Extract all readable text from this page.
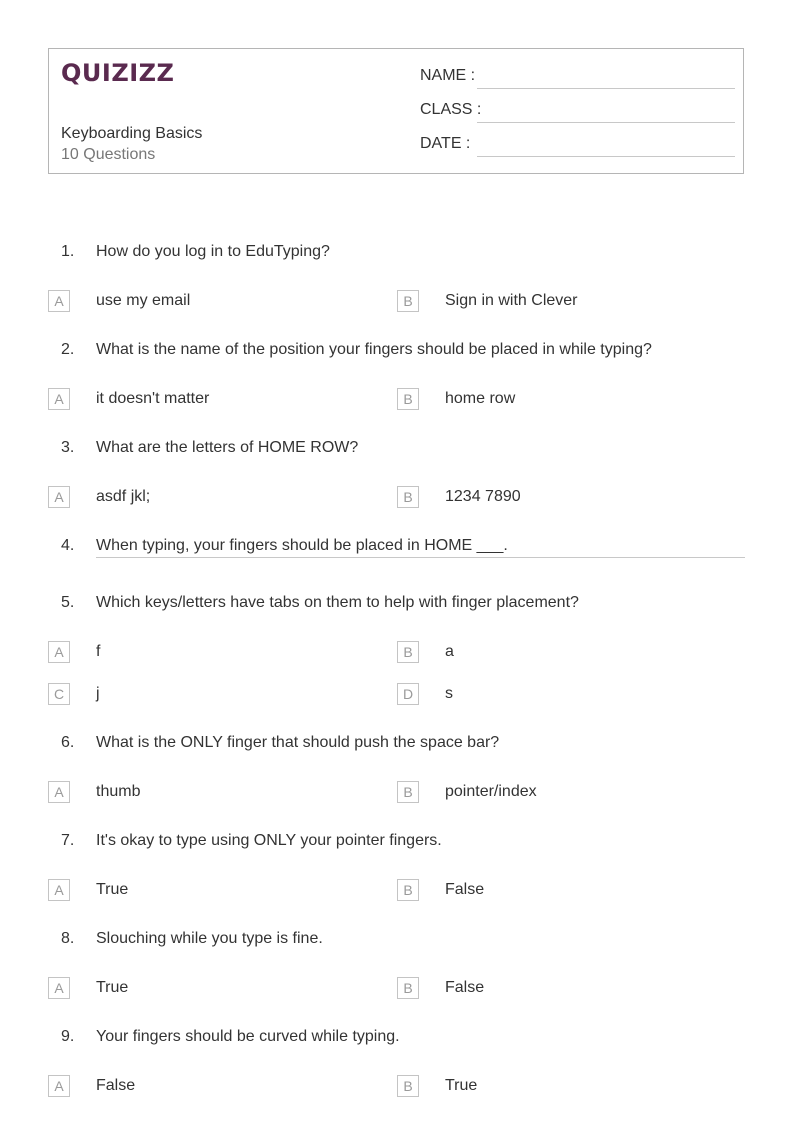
QUIZIZZ
Keyboarding Basics
10 Questions
NAME :
CLASS :
DATE :
1. How do you log in to EduTyping?
A	use my email	B	Sign in with Clever
2. What is the name of the position your fingers should be placed in while typing?
A	it doesn't matter	B	home row
3. What are the letters of HOME ROW?
A	asdf jkl;	B	1234 7890
4. When typing, your fingers should be placed in HOME ___.
5. Which keys/letters have tabs on them to help with finger placement?
A	f	B	a
C	j	D	s
6. What is the ONLY finger that should push the space bar?
A	thumb	B	pointer/index
7. It's okay to type using ONLY your pointer fingers.
A	True	B	False
8. Slouching while you type is fine.
A	True	B	False
9. Your fingers should be curved while typing.
A	False	B	True
